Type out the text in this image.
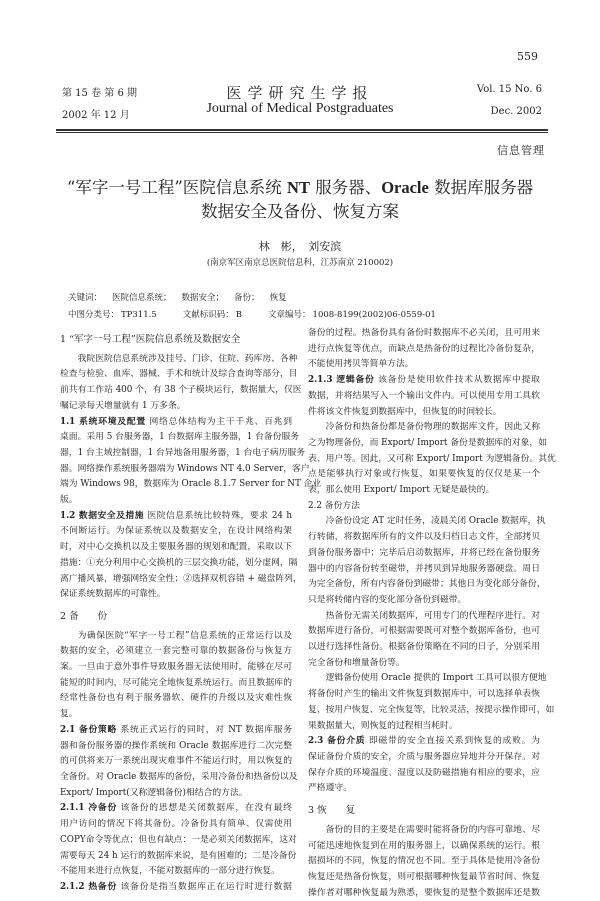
559
第 15 卷 第 6 期
2002 年 12 月
医学研究生学报
Journal of Medical Postgraduates
Vol. 15 No. 6
Dec. 2002
信息管理
“军字一号工程”医院信息系统 NT 服务器、Oracle 数据库服务器
数据安全及备份、恢复方案
林　彬，　刘安滨
(南京军区南京总医院信息科，江苏南京 210002)
关键词： 医院信息系统； 数据安全； 备份； 恢复
中图分类号： TP311.5	文献标识码： B	文章编号： 1008-8199(2002)06-0559-01
1 “军字一号工程”医院信息系统及数据安全
我院医院信息系统涉及挂号、门诊、住院、药库房、各种
检查与检验、血库、器械、手术和统计及综合查询等部分，目
前共有工作站 400 个，有 38 个子模块运行，数据量大，仅医
嘱记录每天增量就有 1 万多条。
1.1 系统环境及配置 网络总体结构为主干千兆、百兆到
桌面。采用 5 台服务器，1 台数据库主服务器，1 台备份服务
器，1 台主域控制器，1 台异地备用服务器，1 台电子病历服务
器。网络操作系统服务器端为 Windows NT 4.0 Server，客户
端为 Windows 98，数据库为 Oracle 8.1.7 Server for NT 企业
版。
1.2 数据安全及措施 医院信息系统比较特殊，要求 24 h
不间断运行。为保证系统以及数据安全，在设计网络构架
时，对中心交换机以及主要服务器的规划和配置，采取以下
措施：①充分利用中心交换机的三层交换功能，划分虚网，隔
离广播风暴，增强网络安全性；②选择双机容错 + 磁盘阵列，
保证系统数据库的可靠性。
2 备　　份
为确保医院“军字一号工程”信息系统的正常运行以及
数据的安全，必须建立一套完整可靠的数据备份与恢复方
案。一旦由于意外事件导致服务器无法使用时，能够在尽可
能短的时间内，尽可能完全地恢复系统运行。而且数据库的
经常性备份也有利于服务器软、硬件的升级以及灾难性恢
复。
2.1 备份策略 系统正式运行的同时，对 NT 数据库服务
器和备份服务器的操作系统和 Oracle 数据库进行二次完整
的可供将来万一系统出现灾难事件不能运行时，用以恢复的
全备份。对 Oracle 数据库的备份，采用冷备份和热备份以及
Export/ Import(又称逻辑备份)相结合的方法。
2.1.1 冷备份 该备份的思想是关闭数据库，在没有最终
用户访问的情况下将其备份。冷备份具有简单、仅需使用
COPY命令等优点；但也有缺点：一是必须关闭数据库，这对
需要每天 24 h 运行的数据库来说，是有困难的；二是冷备份
不能用来进行点恢复，不能对数据库的一部分进行恢复。
2.1.2 热备份 该备份是指当数据库正在运行时进行数据
备份的过程。热备份具有备份时数据库不必关闭，且可用来
进行点恢复等优点，而缺点是热备份的过程比冷备份复杂，
不能使用拷贝等简单方法。
2.1.3 逻辑备份 该备份是使用软件技术从数据库中提取
数据，并将结果写入一个输出文件内。可以使用专用工具软
件将该文件恢复到数据库中，但恢复的时间较长。
冷备份和热备份都是备份物理的数据库文件，因此又称
之为物理备份，而 Export/ Import 备份是数据库的对象，如
表、用户等。因此，又可称 Export/ Import 为逻辑备份。其优
点是能够执行对象或行恢复，如果要恢复的仅仅是某一个
表，那么使用 Export/ Import 无疑是最快的。
2.2 备份方法
冷备份设定 AT 定时任务，凌晨关闭 Oracle 数据库，执
行转储，将数据库所有的文件以及归档日志文件，全部拷贝
到备份服务器中；完毕后启动数据库，并将已经在备份服务
器中的内容备份转至磁带，并拷贝到异地服务器硬盘。周日
为完全备份，所有内容备份到磁带；其他日为变化部分备份，
只是将转储内容的变化部分备份到磁带。
热备份无需关闭数据库，可用专门的代理程序进行。对
数据库进行备份，可根据需要既可对整个数据库备份，也可
以进行选择性备份。根据备份策略在不同的日子，分别采用
完全备份和增量备份等。
逻辑备份使用 Oracle 提供的 Import 工具可以很方便地
将备份时产生的输出文件恢复到数据库中，可以选择单表恢
复、按用户恢复、完全恢复等，比较灵活，按提示操作即可，如
果数据量大，则恢复的过程相当耗时。
2.3 备份介质 即磁带的安全直接关系到恢复的成败。为
保证备份介质的安全，介质与服务器应异地并分开保存。对
保存介质的环境温度、湿度以及防磁措施有相应的要求，应
严格遵守。
3 恢　　复
备份的目的主要是在需要时能将备份的内容可靠地、尽
可能迅速地恢复到在用的服务器上，以确保系统的运行。根
据损坏的不同，恢复的情况也不同。至于具体是使用冷备份
恢复还是热备份恢复，则可根据哪种恢复最节省时间、恢复
操作者对哪种恢复最为熟悉，要恢复的是整个数据库还是数
